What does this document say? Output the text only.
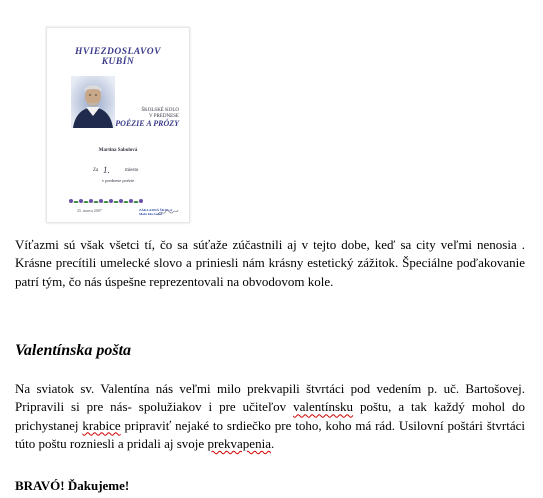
HVIEZDOSLAVOV
KUBÍN
ŠKOLSKÉ KOLO
V PREDNESE
POÉZIE A PRÓZY
Martina Sabolová
Za 1.	miesto
v prednese poézie
25. marca 2007	ZÁKLADNÁ ŠKOLA
Malá Ida-Sokoľ

Víťazmi sú však všetci tí, čo sa súťaže zúčastnili aj v tejto dobe, keď sa city veľmi nenosia . Krásne precítili umelecké slovo a priniesli nám krásny estetický zážitok. Špeciálne poďakovanie patrí tým, čo nás úspešne reprezentovali na obvodovom kole.

Valentínska pošta

Na sviatok sv. Valentína nás veľmi milo prekvapili štvrtáci pod vedením p. uč. Bartošovej. Pripravili si pre nás- spolužiakov i pre učiteľov valentínsku poštu, a tak každý mohol do prichystanej krabice pripraviť nejaké to srdiečko pre toho, koho má rád. Usilovní poštári štvrtáci túto poštu rozniesli a pridali aj svoje prekvapenia.

BRAVÓ! Ďakujeme!
